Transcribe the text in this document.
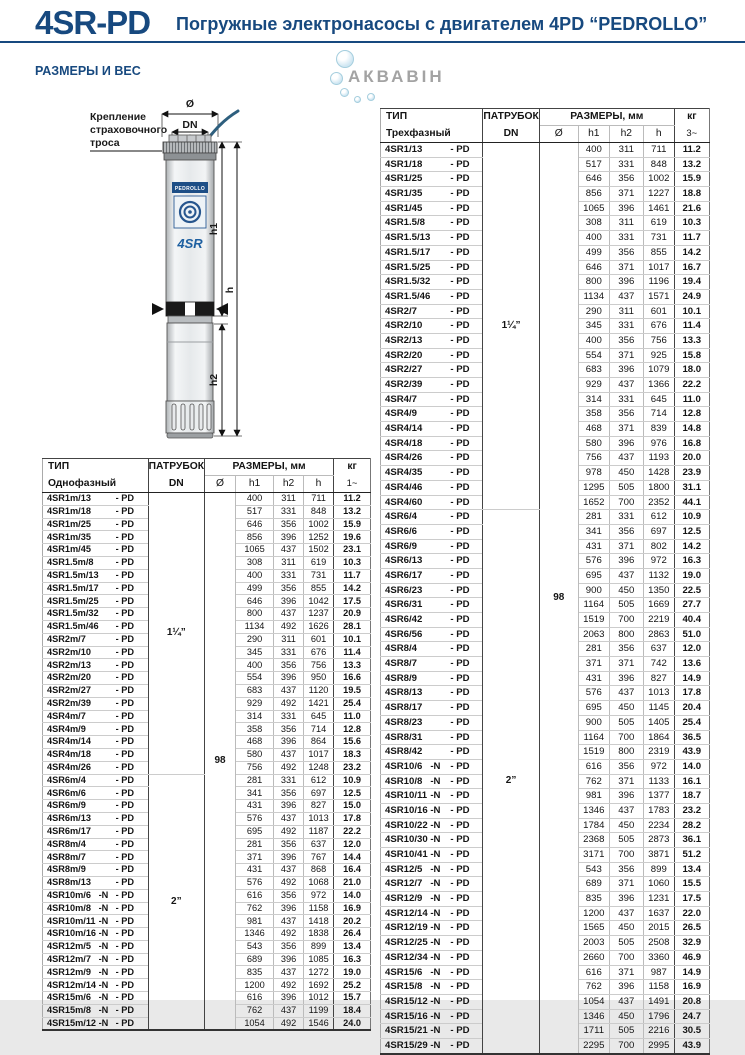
4SR-PD Погружные электронасосы с двигателем 4PD “PEDROLLO”
РАЗМЕРЫ И ВЕС	АКВАВІН
Крепление
страховочного
троса
Ø
DN
PEDROLLO
4SR
h1
h
h2
ТИП	ПАТРУБОК	РАЗМЕРЫ, мм				кг
Однофазный	DN	Ø	h1	h2	h	1~

4SR1m/13 - PD	1¼”	98	400	311	711	11.2

4SR1m/18 - PD			517	331	848	13.2

4SR1m/25 - PD			646	356	1002	15.9

4SR1m/35 - PD			856	396	1252	19.6

4SR1m/45 - PD			1065	437	1502	23.1

4SR1.5m/8 - PD			308	311	619	10.3

4SR1.5m/13 - PD			400	331	731	11.7

4SR1.5m/17 - PD			499	356	855	14.2

4SR1.5m/25 - PD			646	396	1042	17.5

4SR1.5m/32 - PD			800	437	1237	20.9

4SR1.5m/46 - PD			1134	492	1626	28.1

4SR2m/7 - PD			290	311	601	10.1

4SR2m/10 - PD			345	331	676	11.4

4SR2m/13 - PD			400	356	756	13.3

4SR2m/20 - PD			554	396	950	16.6

4SR2m/27 - PD			683	437	1120	19.5

4SR2m/39 - PD			929	492	1421	25.4

4SR4m/7 - PD			314	331	645	11.0

4SR4m/9 - PD			358	356	714	12.8

4SR4m/14 - PD			468	396	864	15.6

4SR4m/18 - PD			580	437	1017	18.3

4SR4m/26 - PD			756	492	1248	23.2

4SR6m/4 - PD	2”		281	331	612	10.9

4SR6m/6 - PD			341	356	697	12.5

4SR6m/9 - PD			431	396	827	15.0

4SR6m/13 - PD			576	437	1013	17.8

4SR6m/17 - PD			695	492	1187	22.2

4SR8m/4 - PD			281	356	637	12.0

4SR8m/7 - PD			371	396	767	14.4

4SR8m/9 - PD			431	437	868	16.4

4SR8m/13 - PD			576	492	1068	21.0

4SR10m/6 -N - PD			616	356	972	14.0

4SR10m/8 -N - PD			762	396	1158	16.9

4SR10m/11 -N - PD			981	437	1418	20.2

4SR10m/16 -N - PD			1346	492	1838	26.4

4SR12m/5 -N - PD			543	356	899	13.4

4SR12m/7 -N - PD			689	396	1085	16.3

4SR12m/9 -N - PD			835	437	1272	19.0

4SR12m/14 -N - PD			1200	492	1692	25.2

4SR15m/6 -N - PD			616	396	1012	15.7

4SR15m/8 -N - PD			762	437	1199	18.4

4SR15m/12 -N - PD			1054	492	1546	24.0
ТИП	ПАТРУБОК	РАЗМЕРЫ, мм				кг
Трехфазный	DN	Ø	h1	h2	h	3~

4SR1/13 - PD	1¼”	98	400	311	711	11.2

4SR1/18 - PD			517	331	848	13.2

4SR1/25 - PD			646	356	1002	15.9

4SR1/35 - PD			856	371	1227	18.8

4SR1/45 - PD			1065	396	1461	21.6

4SR1.5/8 - PD			308	311	619	10.3

4SR1.5/13 - PD			400	331	731	11.7

4SR1.5/17 - PD			499	356	855	14.2

4SR1.5/25 - PD			646	371	1017	16.7

4SR1.5/32 - PD			800	396	1196	19.4

4SR1.5/46 - PD			1134	437	1571	24.9

4SR2/7 - PD			290	311	601	10.1

4SR2/10 - PD			345	331	676	11.4

4SR2/13 - PD			400	356	756	13.3

4SR2/20 - PD			554	371	925	15.8

4SR2/27 - PD			683	396	1079	18.0

4SR2/39 - PD			929	437	1366	22.2

4SR4/7 - PD			314	331	645	11.0

4SR4/9 - PD			358	356	714	12.8

4SR4/14 - PD			468	371	839	14.8

4SR4/18 - PD			580	396	976	16.8

4SR4/26 - PD			756	437	1193	20.0

4SR4/35 - PD			978	450	1428	23.9

4SR4/46 - PD			1295	505	1800	31.1

4SR4/60 - PD			1652	700	2352	44.1

4SR6/4 - PD	2”		281	331	612	10.9

4SR6/6 - PD			341	356	697	12.5

4SR6/9 - PD			431	371	802	14.2

4SR6/13 - PD			576	396	972	16.3

4SR6/17 - PD			695	437	1132	19.0

4SR6/23 - PD			900	450	1350	22.5

4SR6/31 - PD			1164	505	1669	27.7

4SR6/42 - PD			1519	700	2219	40.4

4SR6/56 - PD			2063	800	2863	51.0

4SR8/4 - PD			281	356	637	12.0

4SR8/7 - PD			371	371	742	13.6

4SR8/9 - PD			431	396	827	14.9

4SR8/13 - PD			576	437	1013	17.8

4SR8/17 - PD			695	450	1145	20.4

4SR8/23 - PD			900	505	1405	25.4

4SR8/31 - PD			1164	700	1864	36.5

4SR8/42 - PD			1519	800	2319	43.9

4SR10/6 -N - PD			616	356	972	14.0

4SR10/8 -N - PD			762	371	1133	16.1

4SR10/11 -N - PD			981	396	1377	18.7

4SR10/16 -N - PD			1346	437	1783	23.2

4SR10/22 -N - PD			1784	450	2234	28.2

4SR10/30 -N - PD			2368	505	2873	36.1

4SR10/41 -N - PD			3171	700	3871	51.2

4SR12/5 -N - PD			543	356	899	13.4

4SR12/7 -N - PD			689	371	1060	15.5

4SR12/9 -N - PD			835	396	1231	17.5

4SR12/14 -N - PD			1200	437	1637	22.0

4SR12/19 -N - PD			1565	450	2015	26.5

4SR12/25 -N - PD			2003	505	2508	32.9

4SR12/34 -N - PD			2660	700	3360	46.9

4SR15/6 -N - PD			616	371	987	14.9

4SR15/8 -N - PD			762	396	1158	16.9

4SR15/12 -N - PD			1054	437	1491	20.8

4SR15/16 -N - PD			1346	450	1796	24.7

4SR15/21 -N - PD			1711	505	2216	30.5

4SR15/29 -N - PD			2295	700	2995	43.9
